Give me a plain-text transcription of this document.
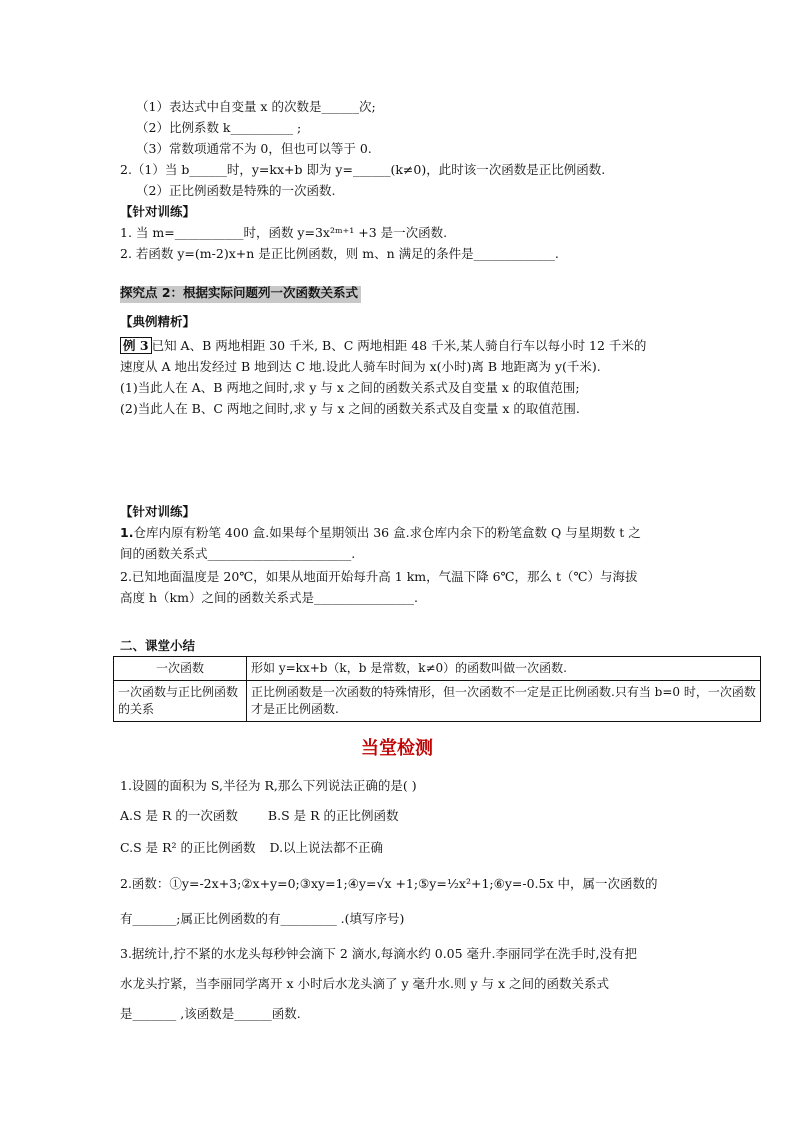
（1）表达式中自变量 x 的次数是______次;
（2）比例系数 k__________ ;
（3）常数项通常不为 0，但也可以等于 0.
2.（1）当 b______时，y=kx+b 即为 y=______(k≠0)，此时该一次函数是正比例函数.
（2）正比例函数是特殊的一次函数.
【针对训练】
1. 当 m=___________时，函数 y=3x²ᵐ⁺¹ +3 是一次函数.
2. 若函数 y=(m-2)x+n 是正比例函数，则 m、n 满足的条件是_____________.
探究点 2：根据实际问题列一次函数关系式
【典例精析】
例 3 已知 A、B 两地相距 30 千米, B、C 两地相距 48 千米,某人骑自行车以每小时 12 千米的
速度从 A 地出发经过 B 地到达 C 地.设此人骑车时间为 x(小时)离 B 地距离为 y(千米).
(1)当此人在 A、B 两地之间时,求 y 与 x 之间的函数关系式及自变量 x 的取值范围;
(2)当此人在 B、C 两地之间时,求 y 与 x 之间的函数关系式及自变量 x 的取值范围.
【针对训练】
1.仓库内原有粉笔 400 盒.如果每个星期领出 36 盒.求仓库内余下的粉笔盒数 Q 与星期数 t 之
间的函数关系式_______________________.
2.已知地面温度是 20℃，如果从地面开始每升高 1 km，气温下降 6℃，那么 t（℃）与海拔
高度 h（km）之间的函数关系式是________________.
二、课堂小结
一次函数	形如 y=kx+b（k，b 是常数，k≠0）的函数叫做一次函数.
一次函数与正比例函数的关系	正比例函数是一次函数的特殊情形，但一次函数不一定是正比例函数.只有当 b=0 时，一次函数才是正比例函数.
当堂检测
1.设圆的面积为 S,半径为 R,那么下列说法正确的是( )
A.S 是 R 的一次函数 B.S 是 R 的正比例函数
C.S 是 R² 的正比例函数 D.以上说法都不正确
2.函数：①y=-2x+3;②x+y=0;③xy=1;④y=√x +1;⑤y=½x²+1;⑥y=-0.5x 中，属一次函数的
有_______;属正比例函数的有_________ .(填写序号)
3.据统计,拧不紧的水龙头每秒钟会滴下 2 滴水,每滴水约 0.05 毫升.李丽同学在洗手时,没有把
水龙头拧紧，当李丽同学离开 x 小时后水龙头滴了 y 毫升水.则 y 与 x 之间的函数关系式
是_______ ,该函数是______函数.
